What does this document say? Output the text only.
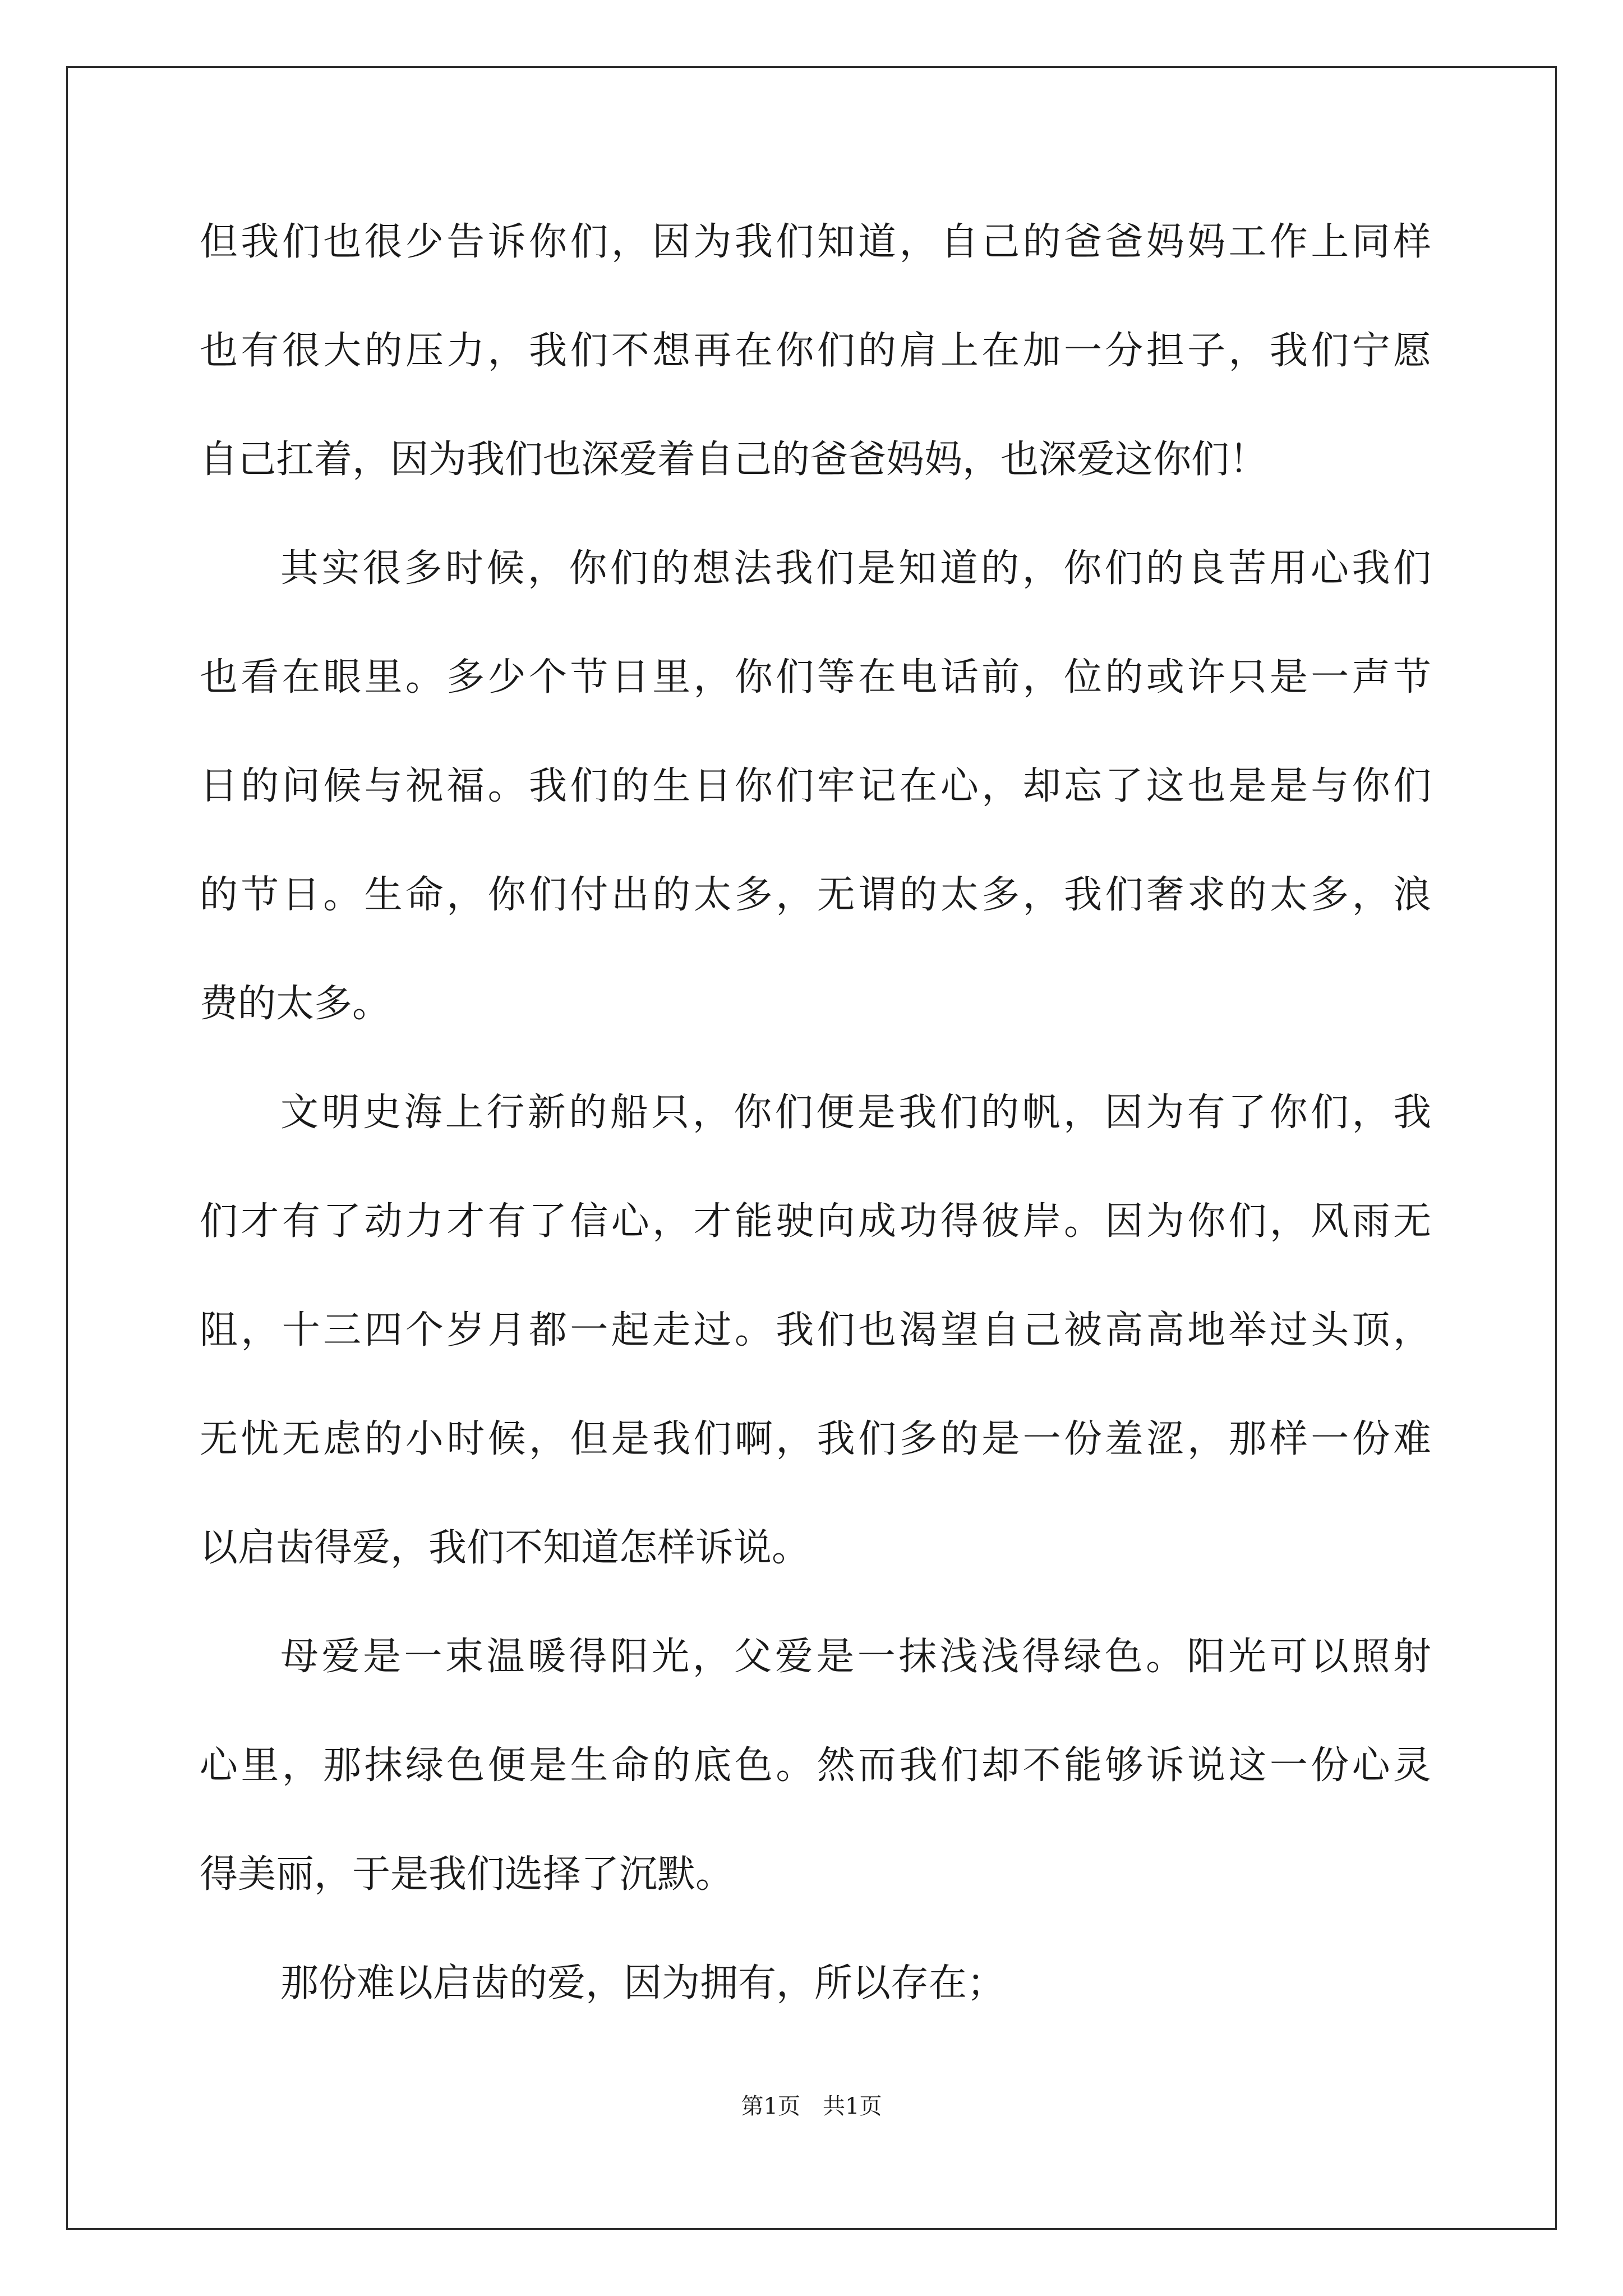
但我们也很少告诉你们，因为我们知道，自己的爸爸妈妈工作上同样
也有很大的压力，我们不想再在你们的肩上在加一分担子，我们宁愿
自己扛着，因为我们也深爱着自己的爸爸妈妈，也深爱这你们！
其实很多时候，你们的想法我们是知道的，你们的良苦用心我们
也看在眼里。多少个节日里，你们等在电话前，位的或许只是一声节
日的问候与祝福。我们的生日你们牢记在心，却忘了这也是是与你们
的节日。生命，你们付出的太多，无谓的太多，我们奢求的太多，浪
费的太多。
文明史海上行新的船只，你们便是我们的帆，因为有了你们，我
们才有了动力才有了信心，才能驶向成功得彼岸。因为你们，风雨无
阻，十三四个岁月都一起走过。我们也渴望自己被高高地举过头顶，
无忧无虑的小时候，但是我们啊，我们多的是一份羞涩，那样一份难
以启齿得爱，我们不知道怎样诉说。
母爱是一束温暖得阳光，父爱是一抹浅浅得绿色。阳光可以照射
心里，那抹绿色便是生命的底色。然而我们却不能够诉说这一份心灵
得美丽，于是我们选择了沉默。
那份难以启齿的爱，因为拥有，所以存在；
第1页　共1页
